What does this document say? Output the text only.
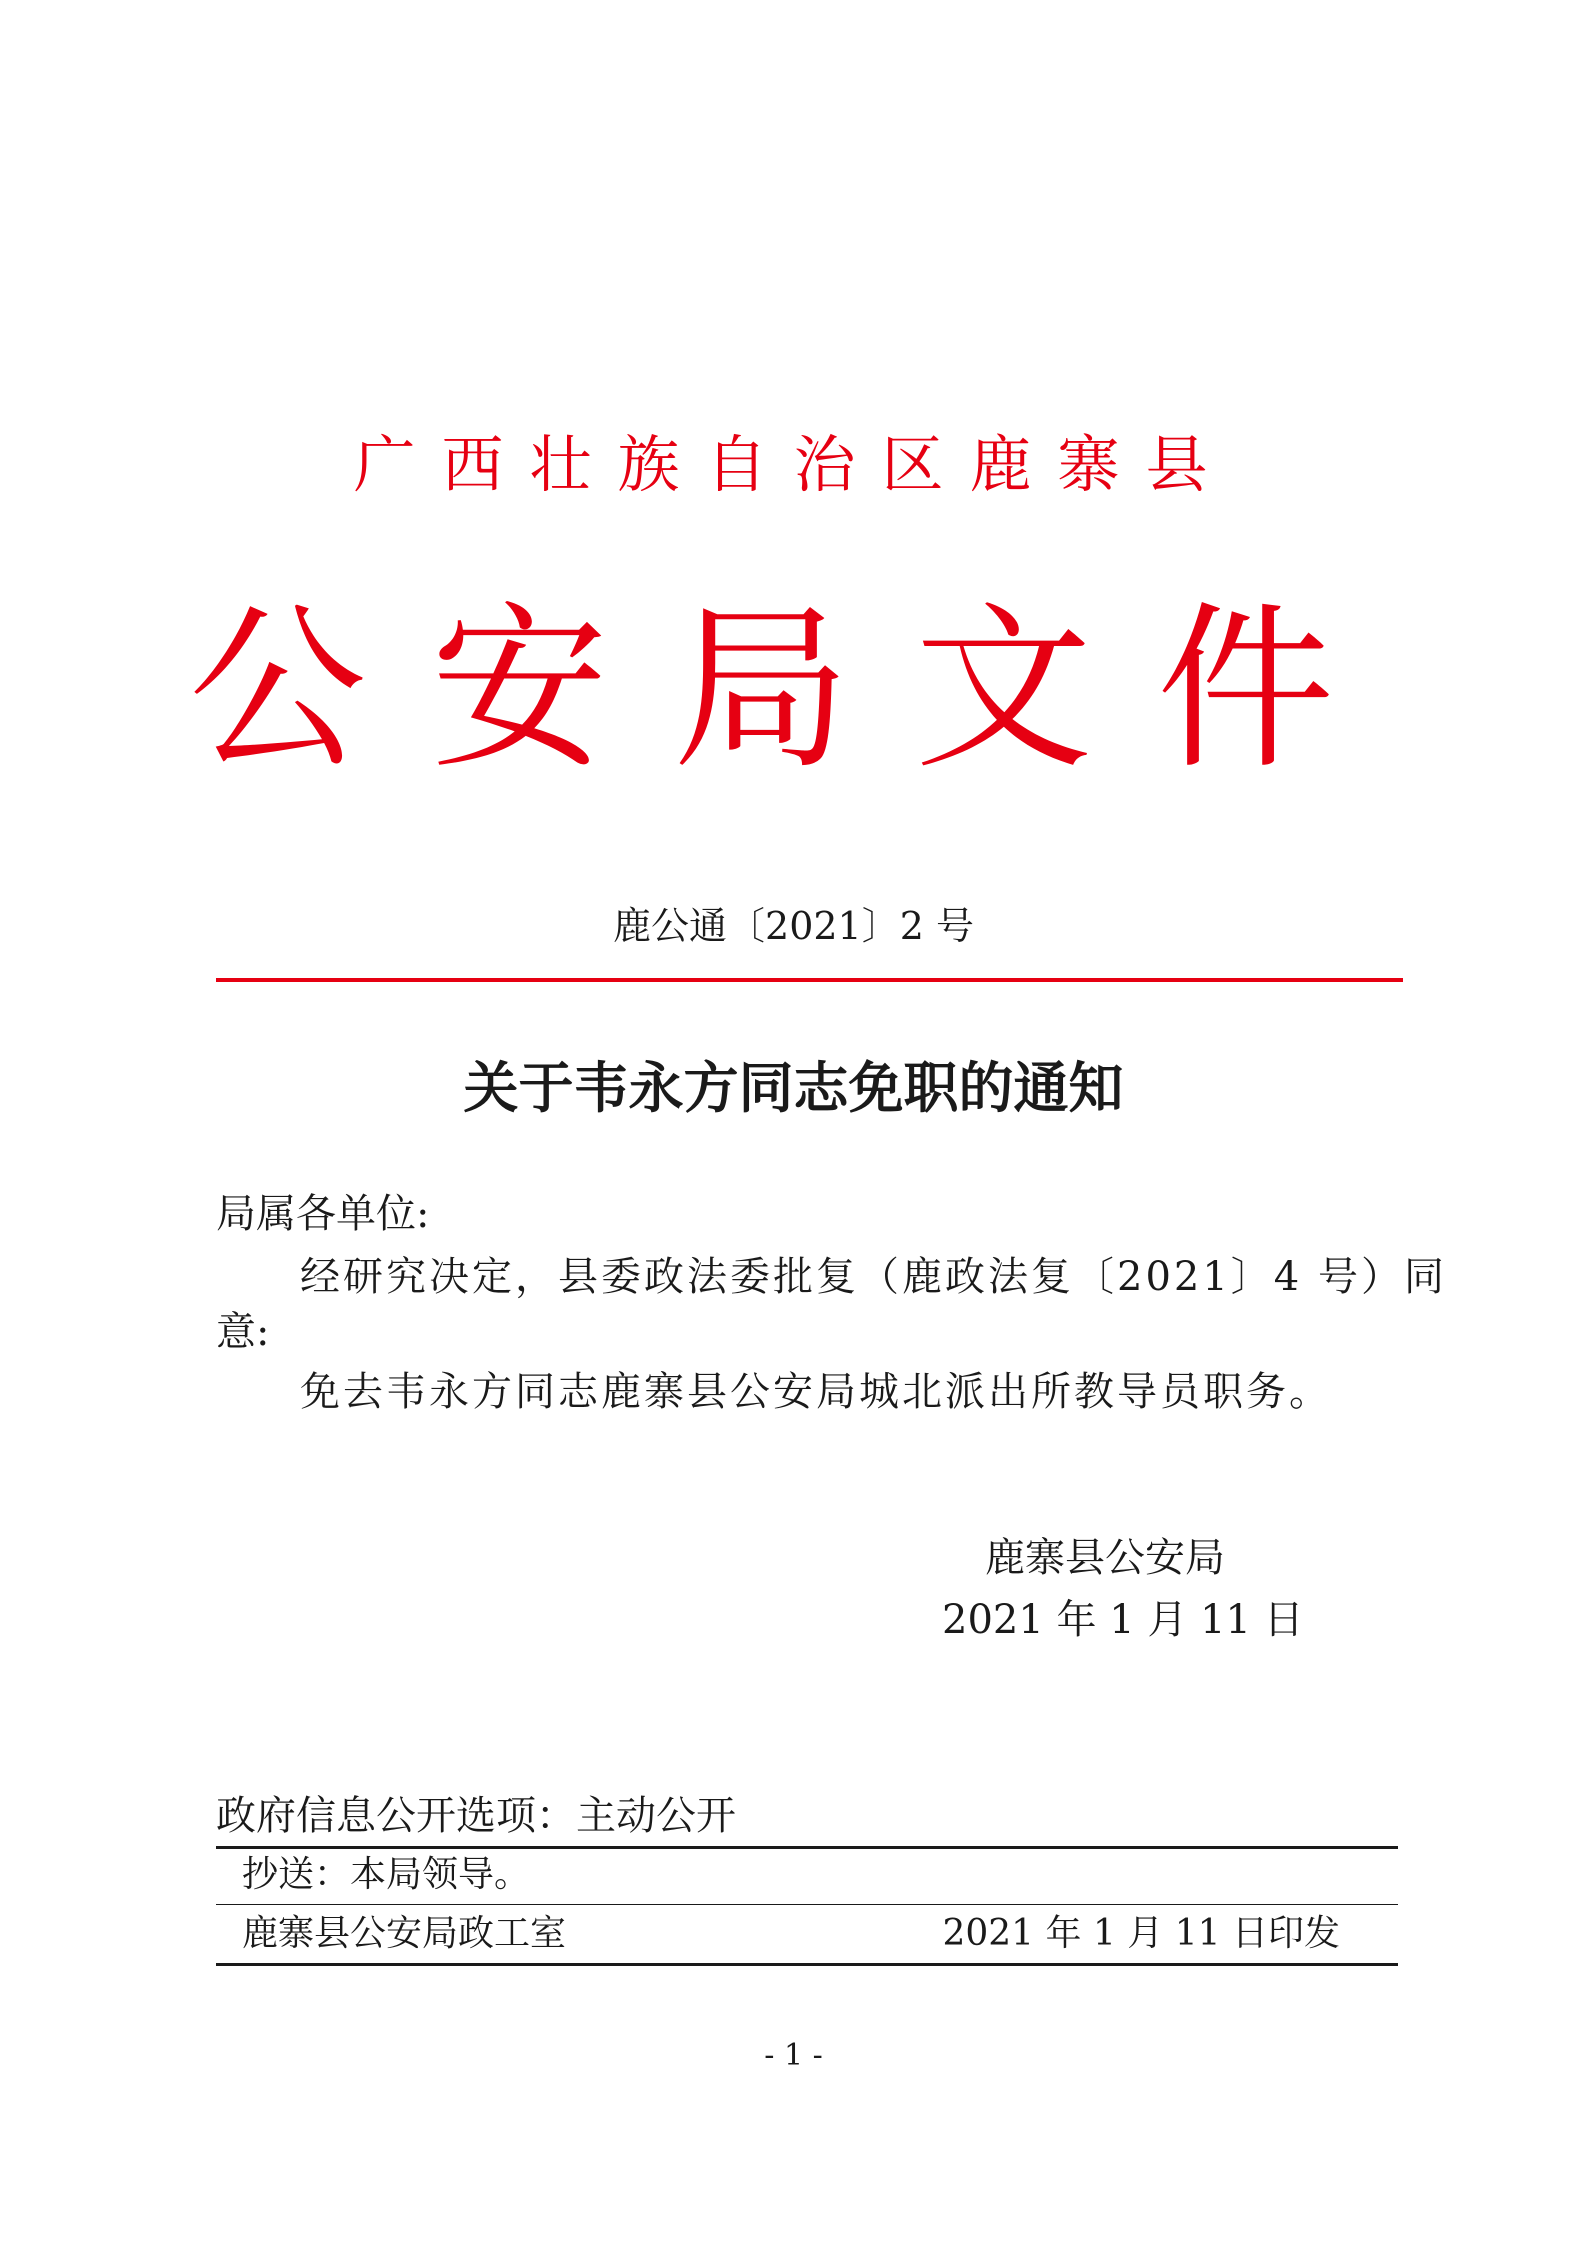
广西壮族自治区鹿寨县
公安局文件
鹿公通〔2021〕2 号
关于韦永方同志免职的通知
局属各单位:
经研究决定，县委政法委批复（鹿政法复〔2021〕4 号）同
意:
免去韦永方同志鹿寨县公安局城北派出所教导员职务。
鹿寨县公安局
2021 年 1 月 11 日
政府信息公开选项：主动公开
抄送：本局领导。
鹿寨县公安局政工室	2021 年 1 月 11 日印发
- 1 -
